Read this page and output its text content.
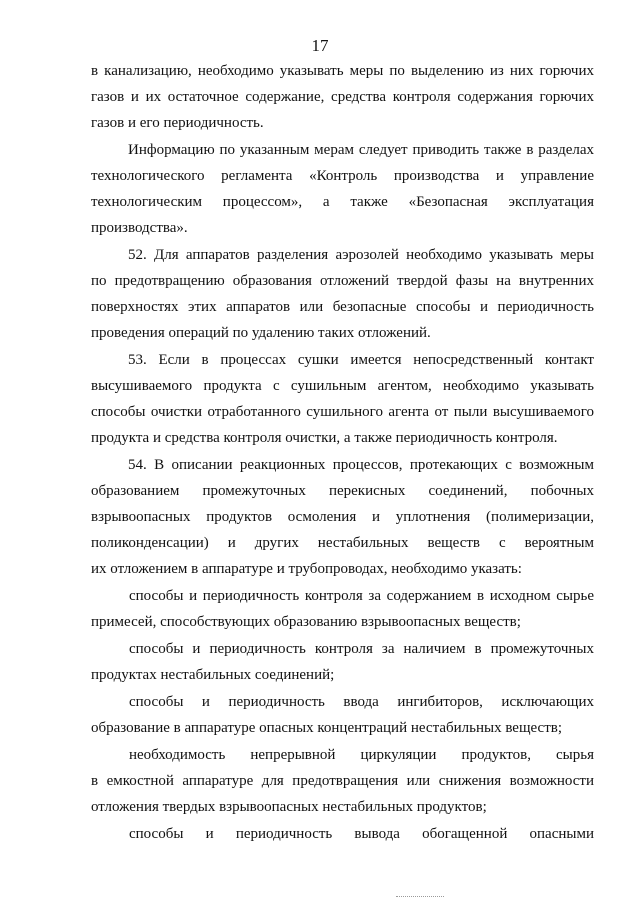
17
в канализацию, необходимо указывать меры по выделению из них горючих
газов и их остаточное содержание, средства контроля содержания горючих
газов и его периодичность.
Информацию по указанным мерам следует приводить также в разделах
технологического регламента «Контроль производства и управление
технологическим процессом», а также «Безопасная эксплуатация
производства».
52. Для аппаратов разделения аэрозолей необходимо указывать меры
по предотвращению образования отложений твердой фазы на внутренних
поверхностях этих аппаратов или безопасные способы и периодичность
проведения операций по удалению таких отложений.
53. Если в процессах сушки имеется непосредственный контакт
высушиваемого продукта с сушильным агентом, необходимо указывать
способы очистки отработанного сушильного агента от пыли высушиваемого
продукта и средства контроля очистки, а также периодичность контроля.
54. В описании реакционных процессов, протекающих с возможным
образованием промежуточных перекисных соединений, побочных
взрывоопасных продуктов осмоления и уплотнения (полимеризации,
поликонденсации) и других нестабильных веществ с вероятным
их отложением в аппаратуре и трубопроводах, необходимо указать:
способы и периодичность контроля за содержанием в исходном сырье
примесей, способствующих образованию взрывоопасных веществ;
способы и периодичность контроля за наличием в промежуточных
продуктах нестабильных соединений;
способы и периодичность ввода ингибиторов, исключающих
образование в аппаратуре опасных концентраций нестабильных веществ;
необходимость непрерывной циркуляции продуктов, сырья
в емкостной аппаратуре для предотвращения или снижения возможности
отложения твердых взрывоопасных нестабильных продуктов;
способы и периодичность вывода обогащенной опасными
